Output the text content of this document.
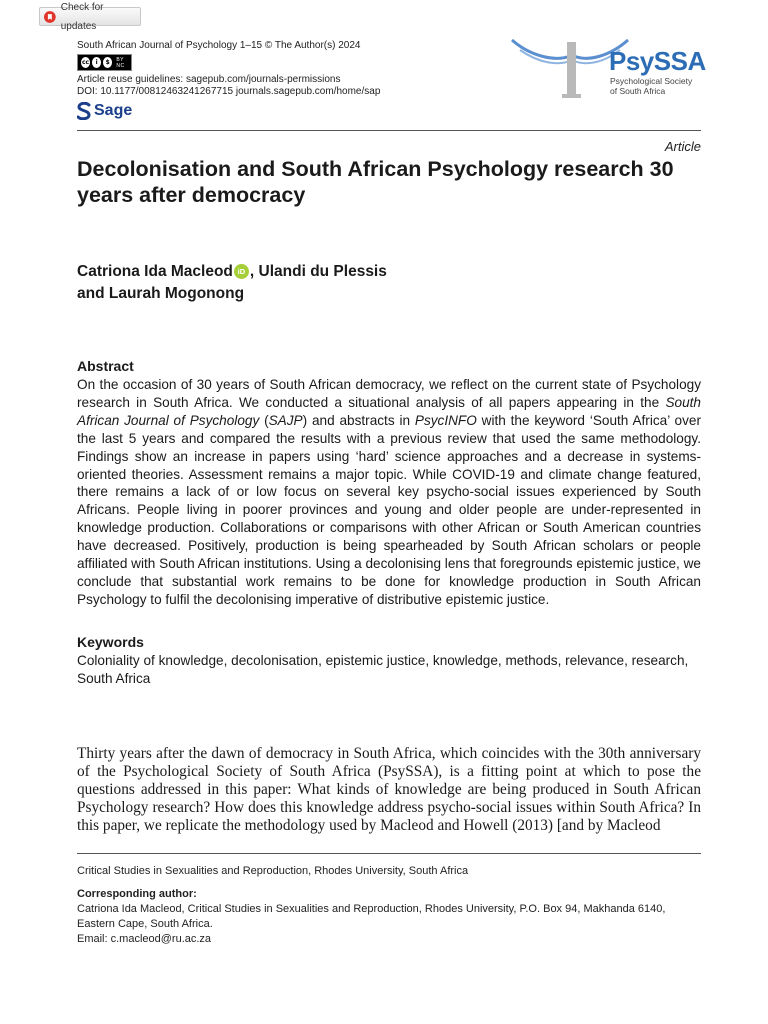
Check for updates
South African Journal of Psychology 1–15 © The Author(s) 2024
cc	i	$	BY NC
Article reuse guidelines: sagepub.com/journals-permissions
DOI: 10.1177/00812463241267715 journals.sagepub.com/home/sap
Sage
PsySSA
Psychological Society
of South Africa
Article
Decolonisation and South African Psychology research 30 years after democracy
Catriona Ida Macleod iD , Ulandi du Plessis
and Laurah Mogonong
Abstract
On the occasion of 30 years of South African democracy, we reflect on the current state of Psychology research in South Africa. We conducted a situational analysis of all papers appearing in the South African Journal of Psychology (SAJP) and abstracts in PsycINFO with the keyword ‘South Africa’ over the last 5 years and compared the results with a previous review that used the same methodology. Findings show an increase in papers using ‘hard’ science approaches and a decrease in systems-oriented theories. Assessment remains a major topic. While COVID-19 and climate change featured, there remains a lack of or low focus on several key psycho-social issues experienced by South Africans. People living in poorer provinces and young and older people are under-represented in knowledge production. Collaborations or comparisons with other African or South American countries have decreased. Positively, production is being spearheaded by South African scholars or people affiliated with South African institutions. Using a decolonising lens that foregrounds epistemic justice, we conclude that substantial work remains to be done for knowledge production in South African Psychology to fulfil the decolonising imperative of distributive epistemic justice.
Keywords
Coloniality of knowledge, decolonisation, epistemic justice, knowledge, methods, relevance, research, South Africa
Thirty years after the dawn of democracy in South Africa, which coincides with the 30th anniversary of the Psychological Society of South Africa (PsySSA), is a fitting point at which to pose the questions addressed in this paper: What kinds of knowledge are being produced in South African Psychology research? How does this knowledge address psycho-social issues within South Africa? In this paper, we replicate the methodology used by Macleod and Howell (2013) [and by Macleod
Critical Studies in Sexualities and Reproduction, Rhodes University, South Africa
Corresponding author:
Catriona Ida Macleod, Critical Studies in Sexualities and Reproduction, Rhodes University, P.O. Box 94, Makhanda 6140, Eastern Cape, South Africa.
Email: c.macleod@ru.ac.za
